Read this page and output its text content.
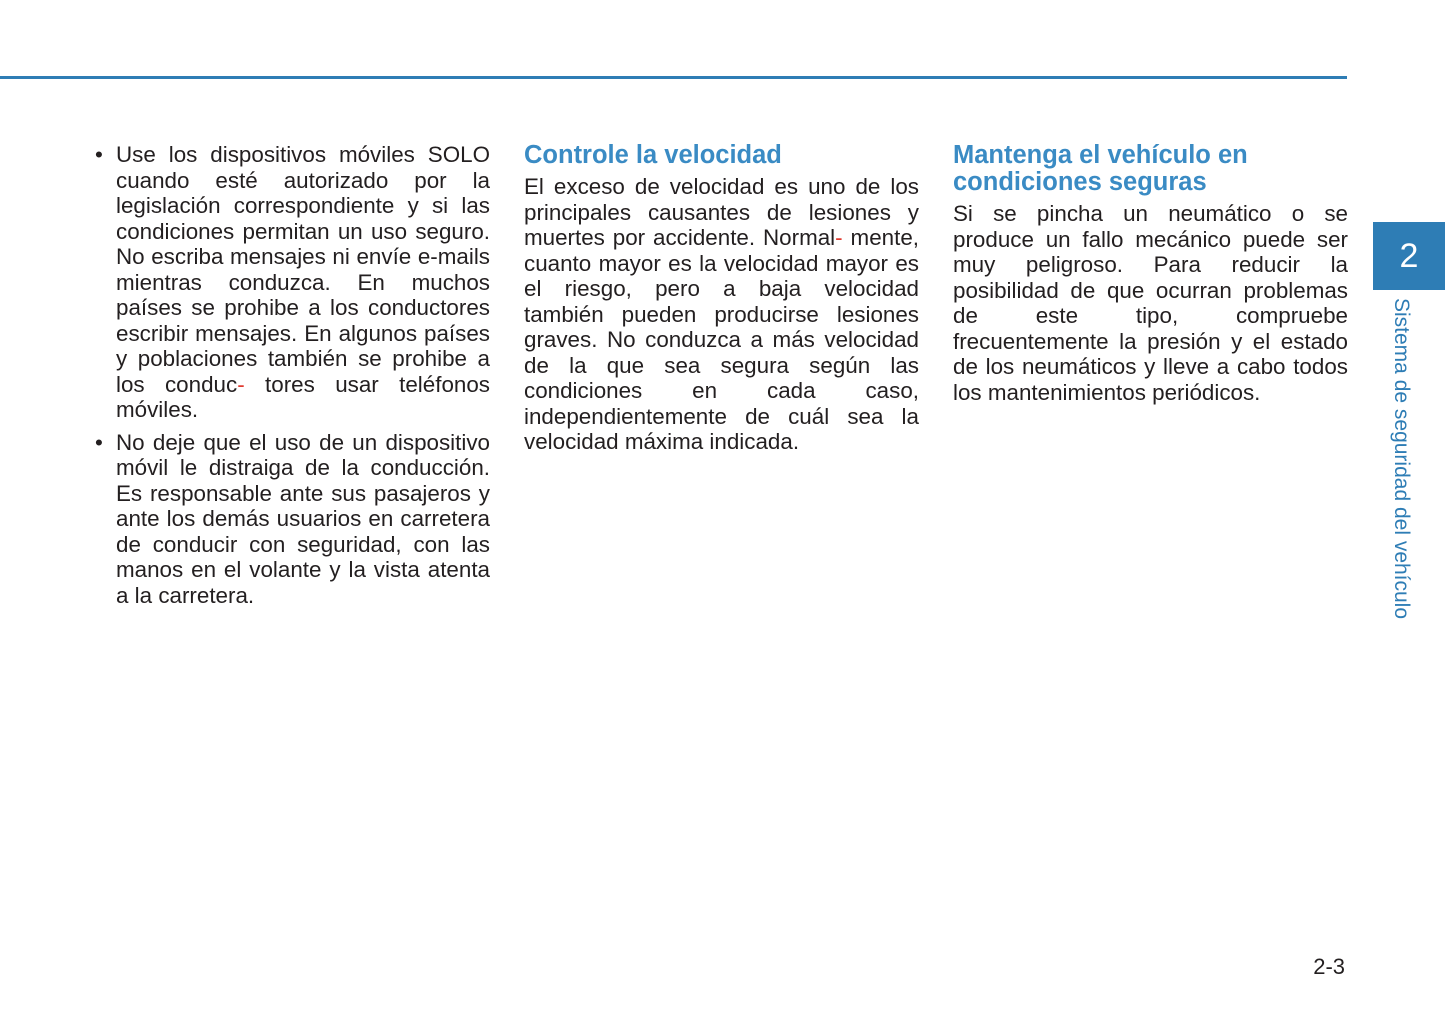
• Use los dispositivos móviles SOLO cuando esté autorizado por la legislación correspondiente y si las condiciones permitan un uso seguro. No escriba mensajes ni envíe e-mails mientras conduzca. En muchos países se prohibe a los conductores escribir mensajes. En algunos países y poblaciones también se prohibe a los conduc- tores usar teléfonos móviles.
• No deje que el uso de un dispositivo móvil le distraiga de la conducción. Es responsable ante sus pasajeros y ante los demás usuarios en carretera de conducir con seguridad, con las manos en el volante y la vista atenta a la carretera.
Controle la velocidad

El exceso de velocidad es uno de los principales causantes de lesiones y muertes por accidente. Normal- mente, cuanto mayor es la velocidad mayor es el riesgo, pero a baja velocidad también pueden producirse lesiones graves. No conduzca a más velocidad de la que sea segura según las condiciones en cada caso, independientemente de cuál sea la velocidad máxima indicada.

Mantenga el vehículo en condiciones seguras

Si se pincha un neumático o se produce un fallo mecánico puede ser muy peligroso. Para reducir la posibilidad de que ocurran problemas de este tipo, compruebe frecuentemente la presión y el estado de los neumáticos y lleve a cabo todos los mantenimientos periódicos.

2
Sistema de seguridad del vehículo
2-3
